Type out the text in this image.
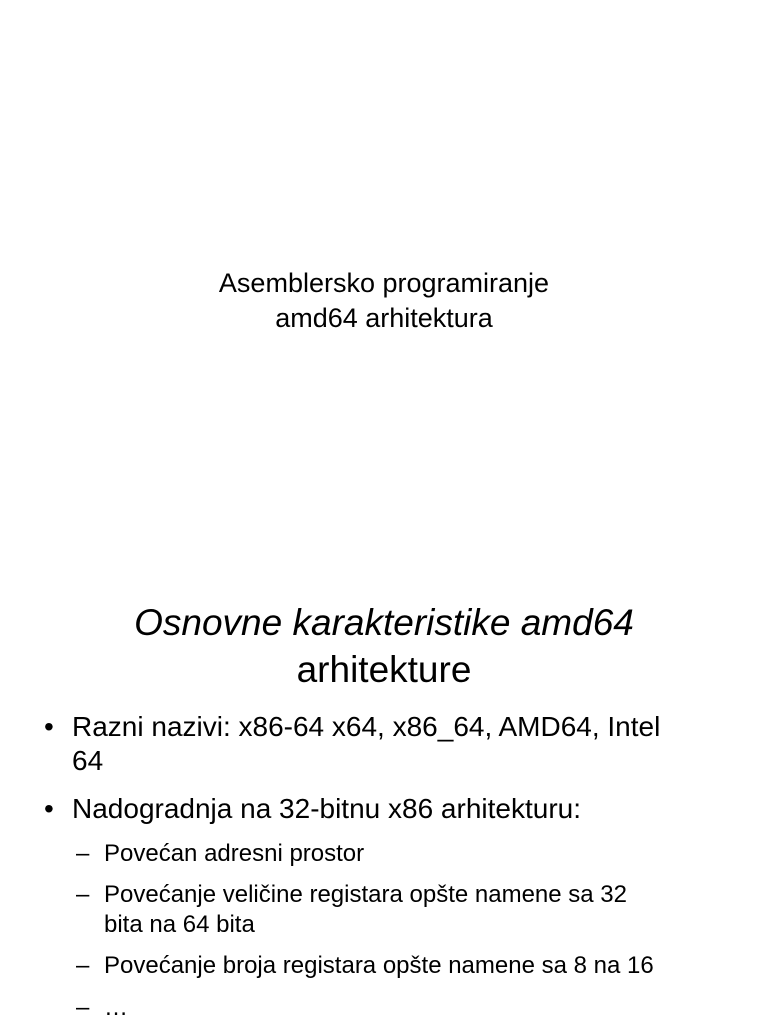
Asemblersko programiranje
amd64 arhitektura
Osnovne karakteristike amd64
arhitekture
• Razni nazivi: x86-64 x64, x86_64, AMD64, Intel
64
• Nadogradnja na 32-bitnu x86 arhitekturu:
– Povećan adresni prostor
– Povećanje veličine registara opšte namene sa 32
bita na 64 bita
– Povećanje broja registara opšte namene sa 8 na 16
– …
